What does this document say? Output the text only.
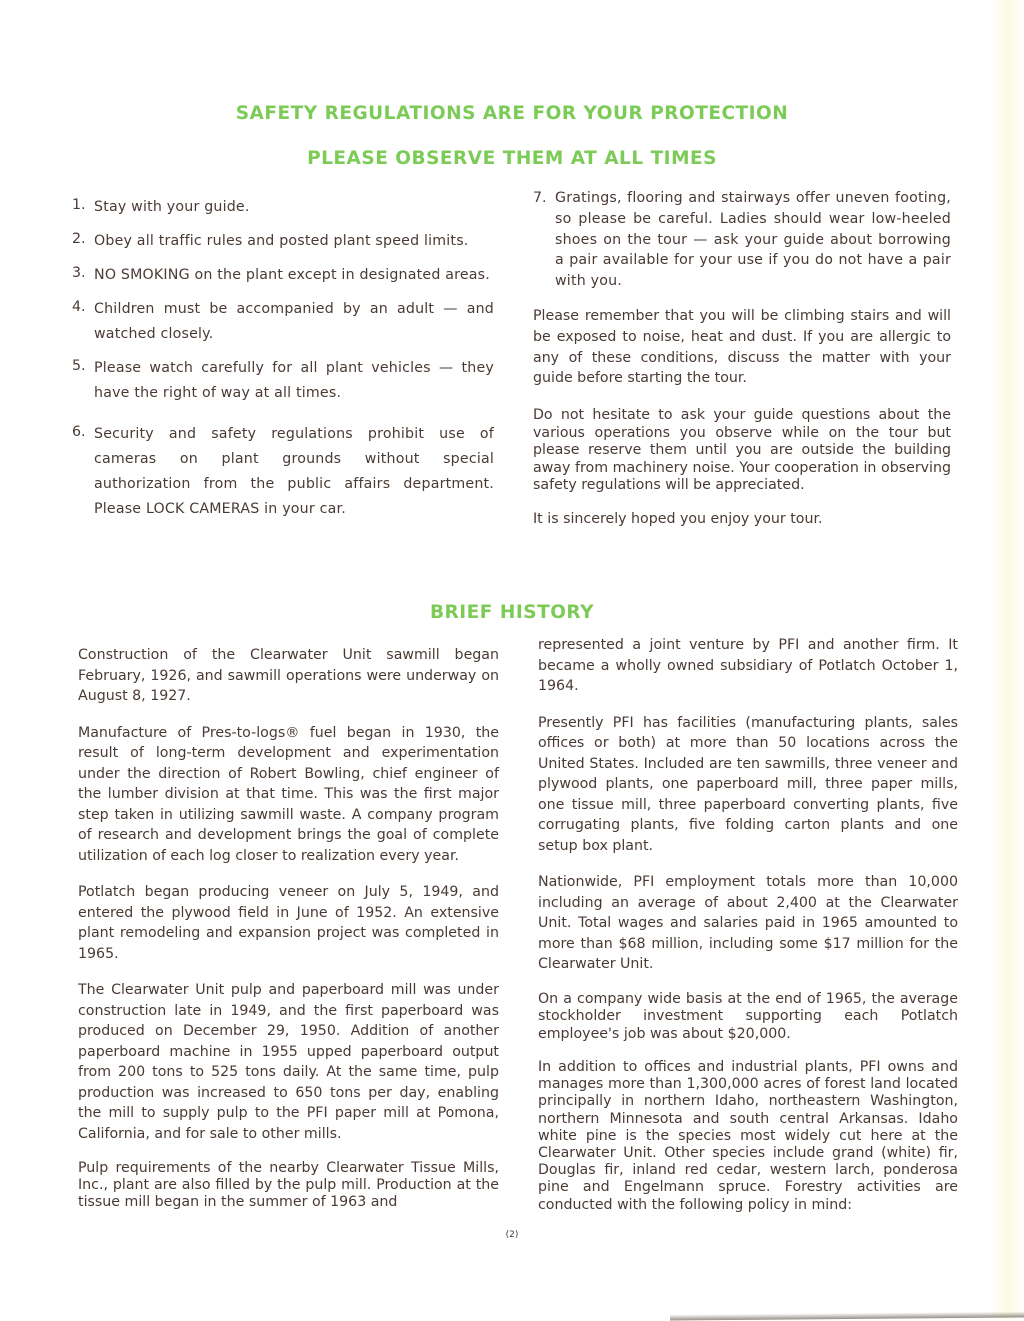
SAFETY REGULATIONS ARE FOR YOUR PROTECTION
PLEASE OBSERVE THEM AT ALL TIMES
1. Stay with your guide.
2. Obey all traffic rules and posted plant speed limits.
3. NO SMOKING on the plant except in designated areas.
4. Children must be accompanied by an adult — and watched closely.
5. Please watch carefully for all plant vehicles — they have the right of way at all times.
6. Security and safety regulations prohibit use of cameras on plant grounds without special authorization from the public affairs department. Please LOCK CAMERAS in your car.
7. Gratings, flooring and stairways offer uneven footing, so please be careful. Ladies should wear low-heeled shoes on the tour — ask your guide about borrowing a pair available for your use if you do not have a pair with you.

Please remember that you will be climbing stairs and will be exposed to noise, heat and dust. If you are allergic to any of these conditions, discuss the matter with your guide before starting the tour.

Do not hesitate to ask your guide questions about the various operations you observe while on the tour but please reserve them until you are outside the building away from machinery noise. Your cooperation in observing safety regulations will be appreciated.

It is sincerely hoped you enjoy your tour.

BRIEF HISTORY

Construction of the Clearwater Unit sawmill began February, 1926, and sawmill operations were underway on August 8, 1927.

Manufacture of Pres-to-logs® fuel began in 1930, the result of long-term development and experimentation under the direction of Robert Bowling, chief engineer of the lumber division at that time. This was the first major step taken in utilizing sawmill waste. A company program of research and development brings the goal of complete utilization of each log closer to realization every year.

Potlatch began producing veneer on July 5, 1949, and entered the plywood field in June of 1952. An extensive plant remodeling and expansion project was completed in 1965.

The Clearwater Unit pulp and paperboard mill was under construction late in 1949, and the first paperboard was produced on December 29, 1950. Addition of another paperboard machine in 1955 upped paperboard output from 200 tons to 525 tons daily. At the same time, pulp production was increased to 650 tons per day, enabling the mill to supply pulp to the PFI paper mill at Pomona, California, and for sale to other mills.

Pulp requirements of the nearby Clearwater Tissue Mills, Inc., plant are also filled by the pulp mill. Production at the tissue mill began in the summer of 1963 and

represented a joint venture by PFI and another firm. It became a wholly owned subsidiary of Potlatch October 1, 1964.

Presently PFI has facilities (manufacturing plants, sales offices or both) at more than 50 locations across the United States. Included are ten sawmills, three veneer and plywood plants, one paperboard mill, three paper mills, one tissue mill, three paperboard converting plants, five corrugating plants, five folding carton plants and one setup box plant.

Nationwide, PFI employment totals more than 10,000 including an average of about 2,400 at the Clearwater Unit. Total wages and salaries paid in 1965 amounted to more than $68 million, including some $17 million for the Clearwater Unit.

On a company wide basis at the end of 1965, the average stockholder investment supporting each Potlatch employee's job was about $20,000.

In addition to offices and industrial plants, PFI owns and manages more than 1,300,000 acres of forest land located principally in northern Idaho, northeastern Washington, northern Minnesota and south central Arkansas. Idaho white pine is the species most widely cut here at the Clearwater Unit. Other species include grand (white) fir, Douglas fir, inland red cedar, western larch, ponderosa pine and Engelmann spruce. Forestry activities are conducted with the following policy in mind:

(2)
